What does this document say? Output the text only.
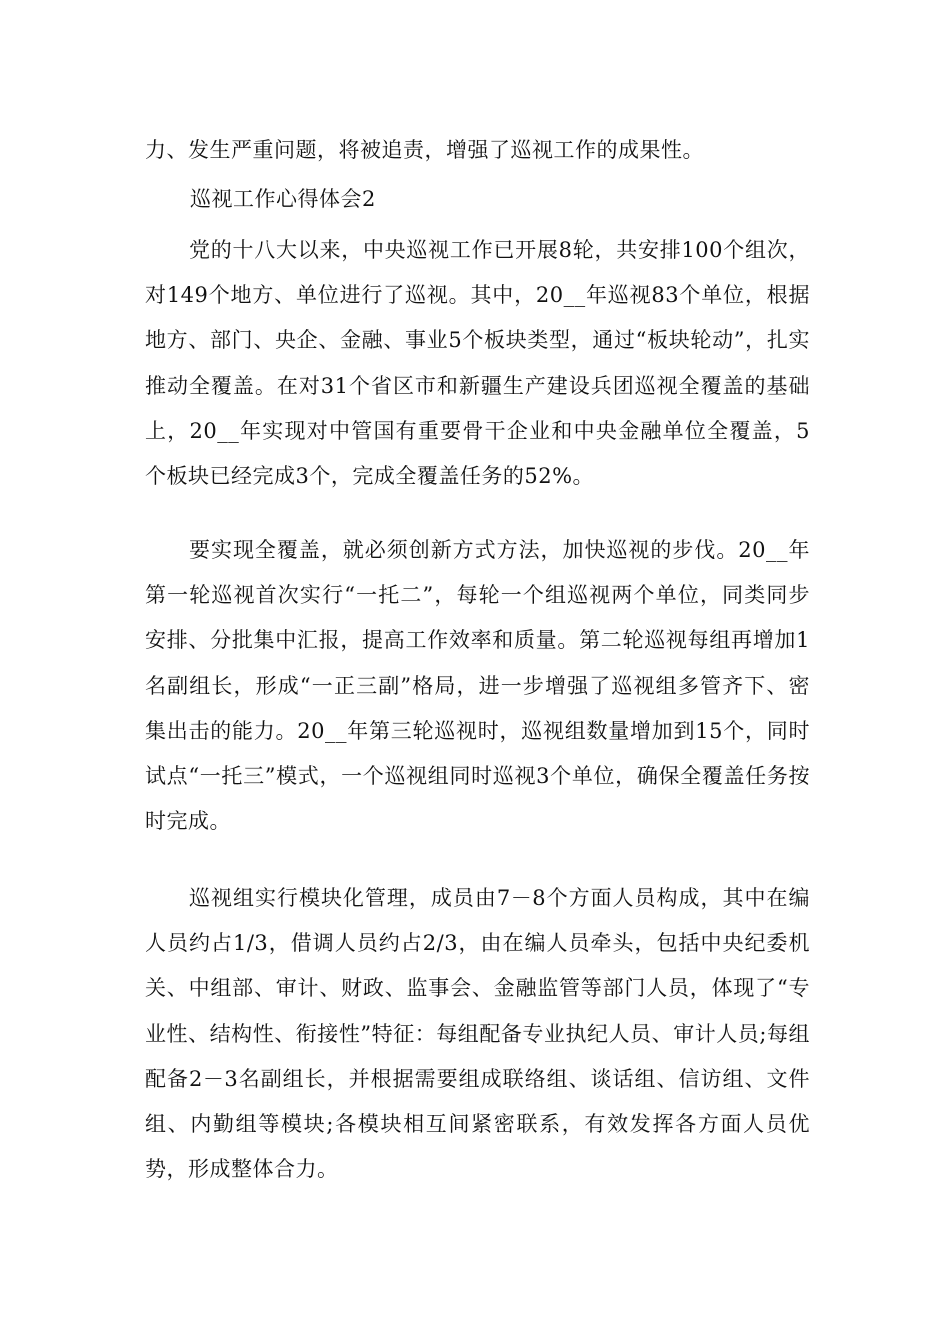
力、发生严重问题，将被追责，增强了巡视工作的成果性。

巡视工作心得体会2

党的十八大以来，中央巡视工作已开展8轮，共安排100个组次，对149个地方、单位进行了巡视。其中，20__年巡视83个单位，根据地方、部门、央企、金融、事业5个板块类型，通过“板块轮动”，扎实推动全覆盖。在对31个省区市和新疆生产建设兵团巡视全覆盖的基础上，20__年实现对中管国有重要骨干企业和中央金融单位全覆盖，5个板块已经完成3个，完成全覆盖任务的52%。

要实现全覆盖，就必须创新方式方法，加快巡视的步伐。20__年第一轮巡视首次实行“一托二”，每轮一个组巡视两个单位，同类同步安排、分批集中汇报，提高工作效率和质量。第二轮巡视每组再增加1名副组长，形成“一正三副”格局，进一步增强了巡视组多管齐下、密集出击的能力。20__年第三轮巡视时，巡视组数量增加到15个，同时试点“一托三”模式，一个巡视组同时巡视3个单位，确保全覆盖任务按时完成。

巡视组实行模块化管理，成员由7－8个方面人员构成，其中在编人员约占1/3，借调人员约占2/3，由在编人员牵头，包括中央纪委机关、中组部、审计、财政、监事会、金融监管等部门人员，体现了“专业性、结构性、衔接性”特征：每组配备专业执纪人员、审计人员;每组配备2－3名副组长，并根据需要组成联络组、谈话组、信访组、文件组、内勤组等模块;各模块相互间紧密联系，有效发挥各方面人员优势，形成整体合力。
